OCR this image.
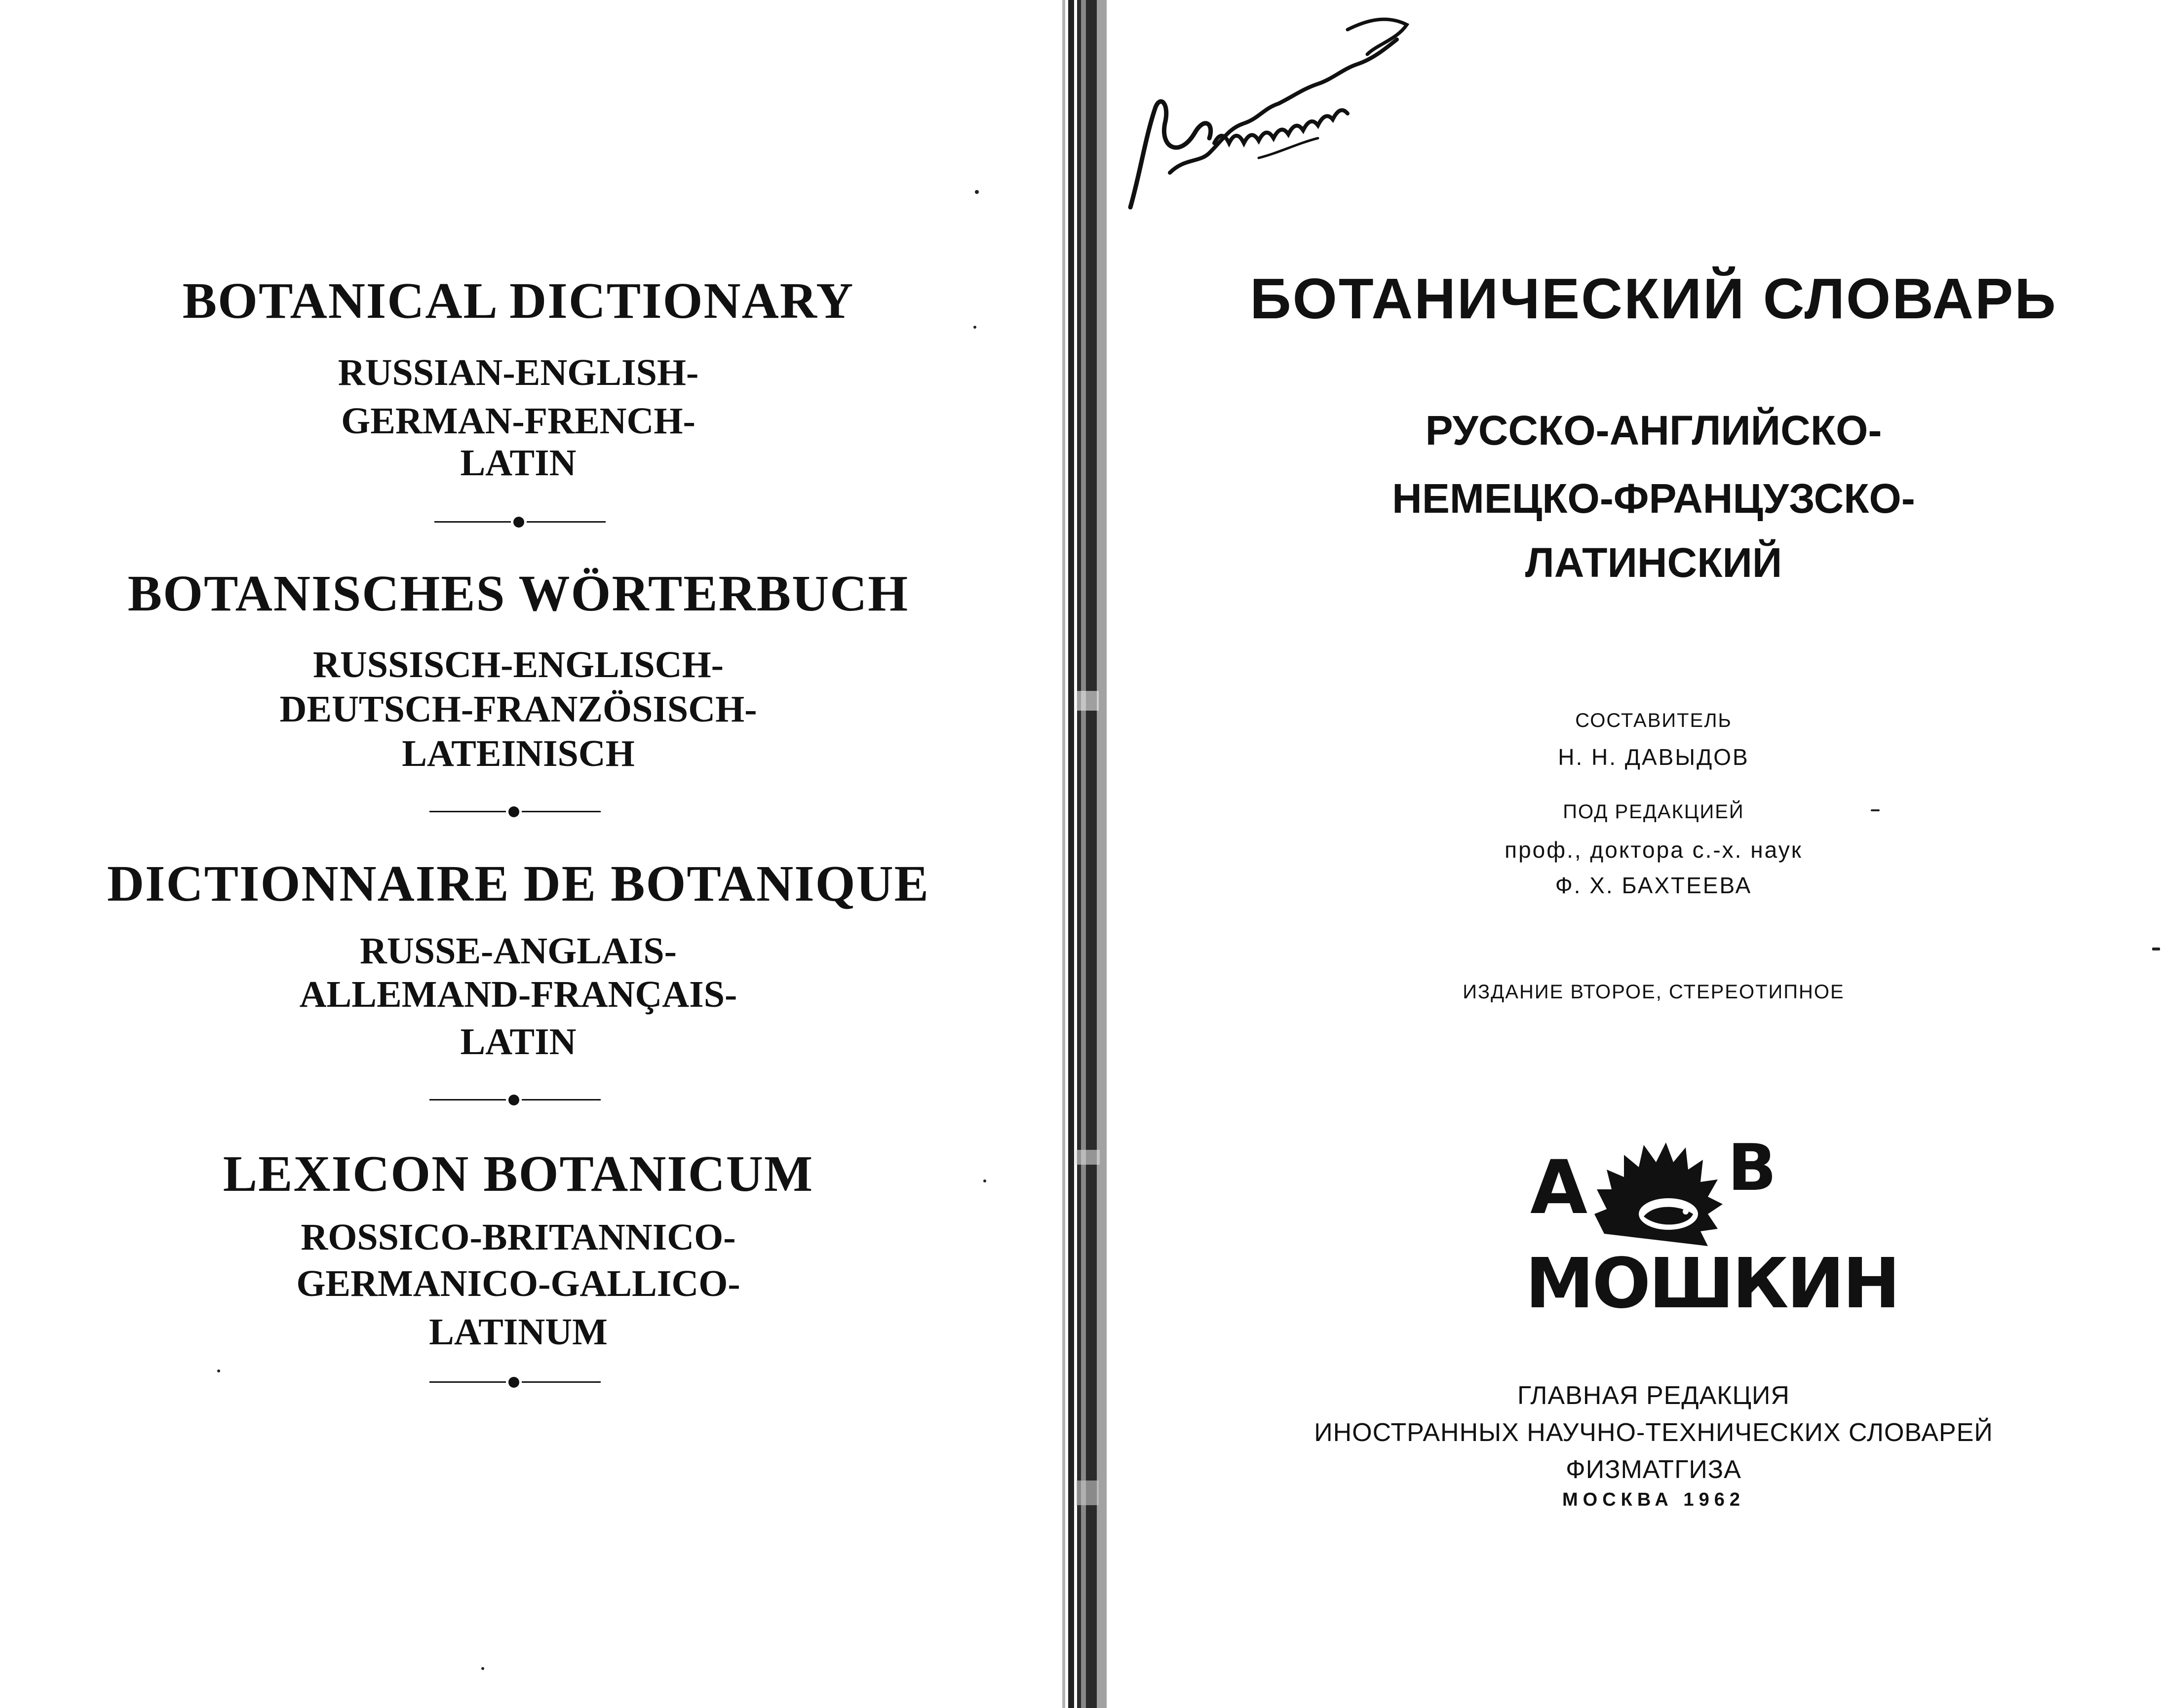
BOTANICAL DICTIONARY
RUSSIAN-ENGLISH-
GERMAN-FRENCH-
LATIN
BOTANISCHES WÖRTERBUCH
RUSSISCH-ENGLISCH-
DEUTSCH-FRANZÖSISCH-
LATEINISCH
DICTIONNAIRE DE BOTANIQUE
RUSSE-ANGLAIS-
ALLEMAND-FRANÇAIS-
LATIN
LEXICON BOTANICUM
ROSSICO-BRITANNICO-
GERMANICO-GALLICO-
LATINUM
БОТАНИЧЕСКИЙ СЛОВАРЬ
РУССКО-АНГЛИЙСКО-
НЕМЕЦКО-ФРАНЦУЗСКО-
ЛАТИНСКИЙ
СОСТАВИТЕЛЬ
Н. Н. ДАВЫДОВ
ПОД РЕДАКЦИЕЙ
проф., доктора с.-х. наук
Ф. Х. БАХТЕЕВА
ИЗДАНИЕ ВТОРОЕ, СТЕРЕОТИПНОЕ
ГЛАВНАЯ РЕДАКЦИЯ
ИНОСТРАННЫХ НАУЧНО-ТЕХНИЧЕСКИХ СЛОВАРЕЙ
ФИЗМАТГИЗА
МОСКВА 1962
А В
МОШКИН
